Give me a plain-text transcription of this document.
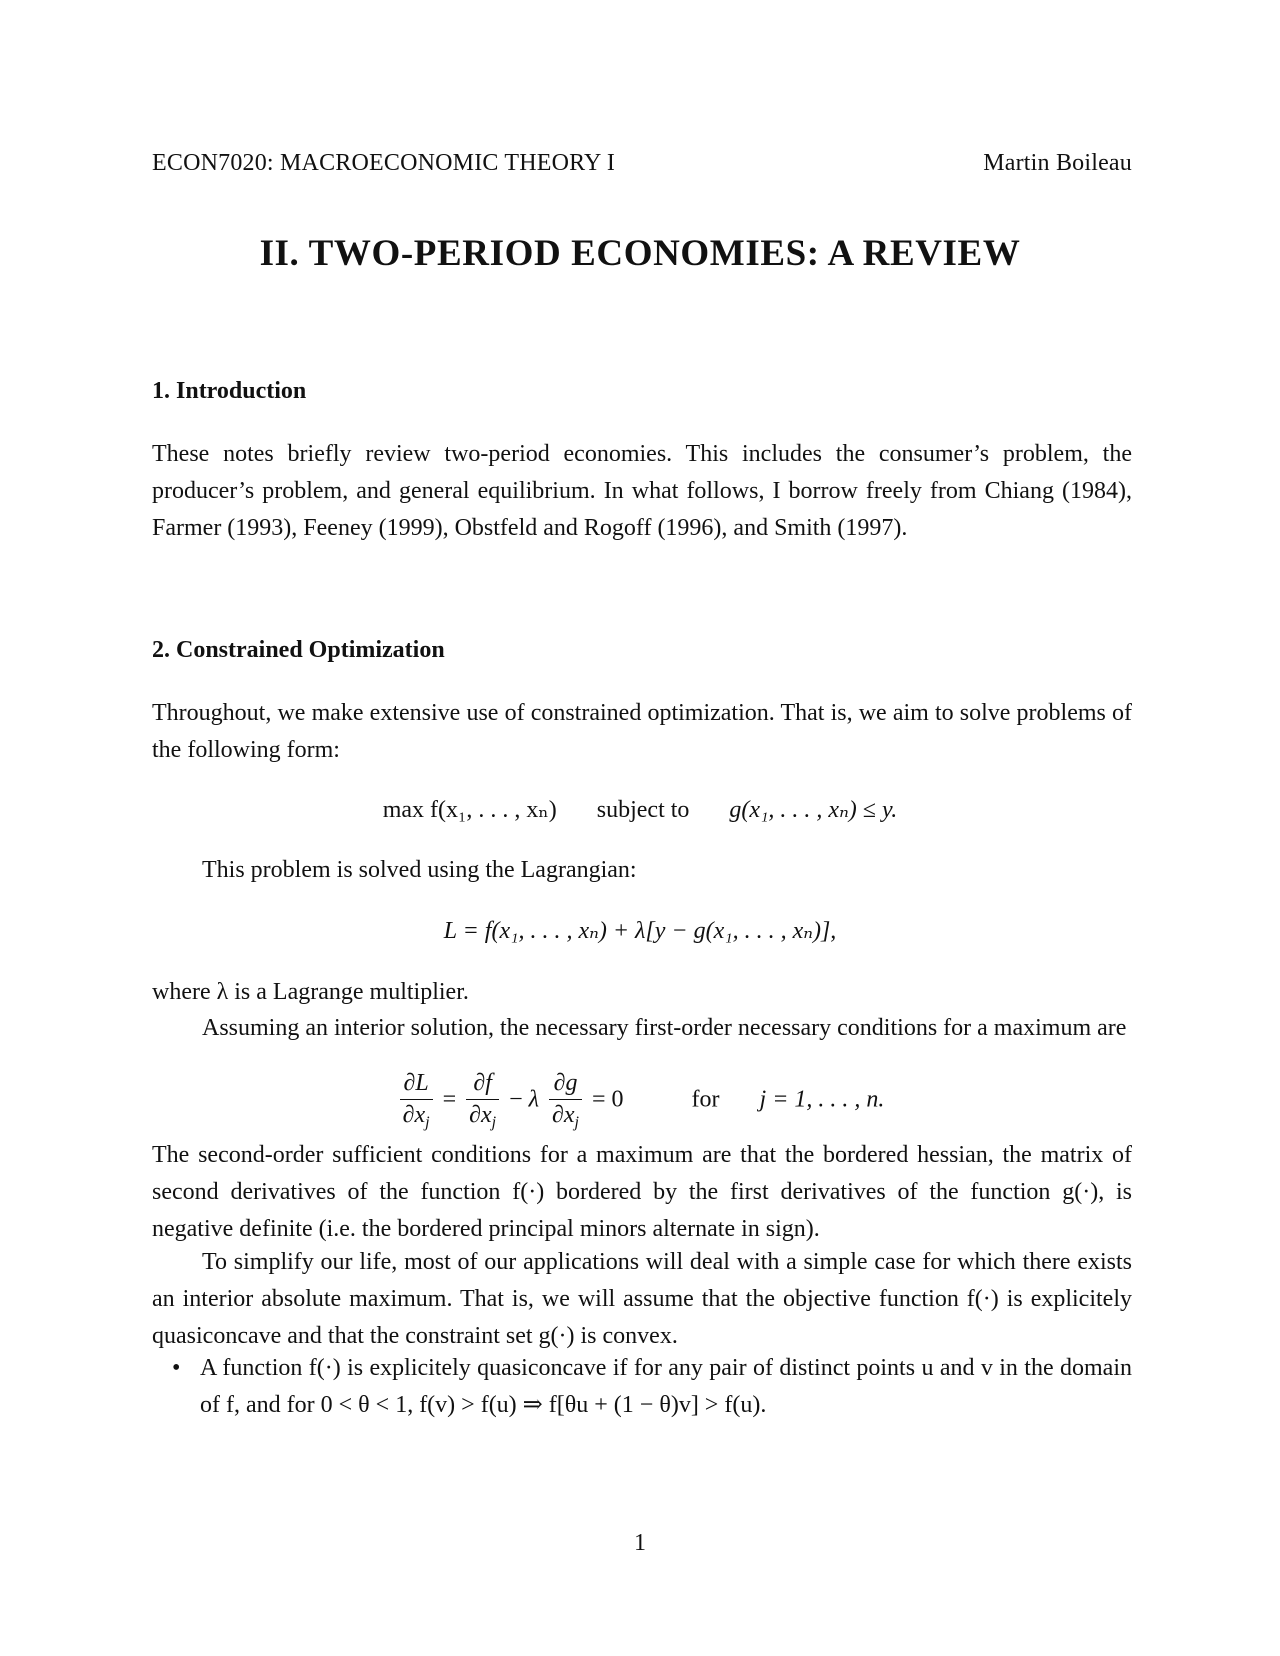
ECON7020: MACROECONOMIC THEORY I	Martin Boileau
II. TWO-PERIOD ECONOMIES: A REVIEW
1. Introduction
These notes briefly review two-period economies. This includes the consumer’s problem, the producer’s problem, and general equilibrium. In what follows, I borrow freely from Chiang (1984), Farmer (1993), Feeney (1999), Obstfeld and Rogoff (1996), and Smith (1997).
2. Constrained Optimization
Throughout, we make extensive use of constrained optimization. That is, we aim to solve problems of the following form:
max f(x₁, . . . , xₙ) subject to g(x₁, . . . , xₙ) ≤ y.
This problem is solved using the Lagrangian:
L = f(x₁, . . . , xₙ) + λ[y − g(x₁, . . . , xₙ)],
where λ is a Lagrange multiplier.
Assuming an interior solution, the necessary first-order necessary conditions for a maximum are
$\frac{\partial L}{\partial x_j} = \frac{\partial f}{\partial x_j} - \lambda \frac{\partial g}{\partial x_j} = 0$	for j = 1, . . . , n.
The second-order sufficient conditions for a maximum are that the bordered hessian, the matrix of second derivatives of the function f(·) bordered by the first derivatives of the function g(·), is negative definite (i.e. the bordered principal minors alternate in sign).
To simplify our life, most of our applications will deal with a simple case for which there exists an interior absolute maximum. That is, we will assume that the objective function f(·) is explicitely quasiconcave and that the constraint set g(·) is convex.
• A function f(·) is explicitely quasiconcave if for any pair of distinct points u and v in the domain of f, and for 0 < θ < 1, f(v) > f(u) ⇒ f[θu + (1 − θ)v] > f(u).
1
